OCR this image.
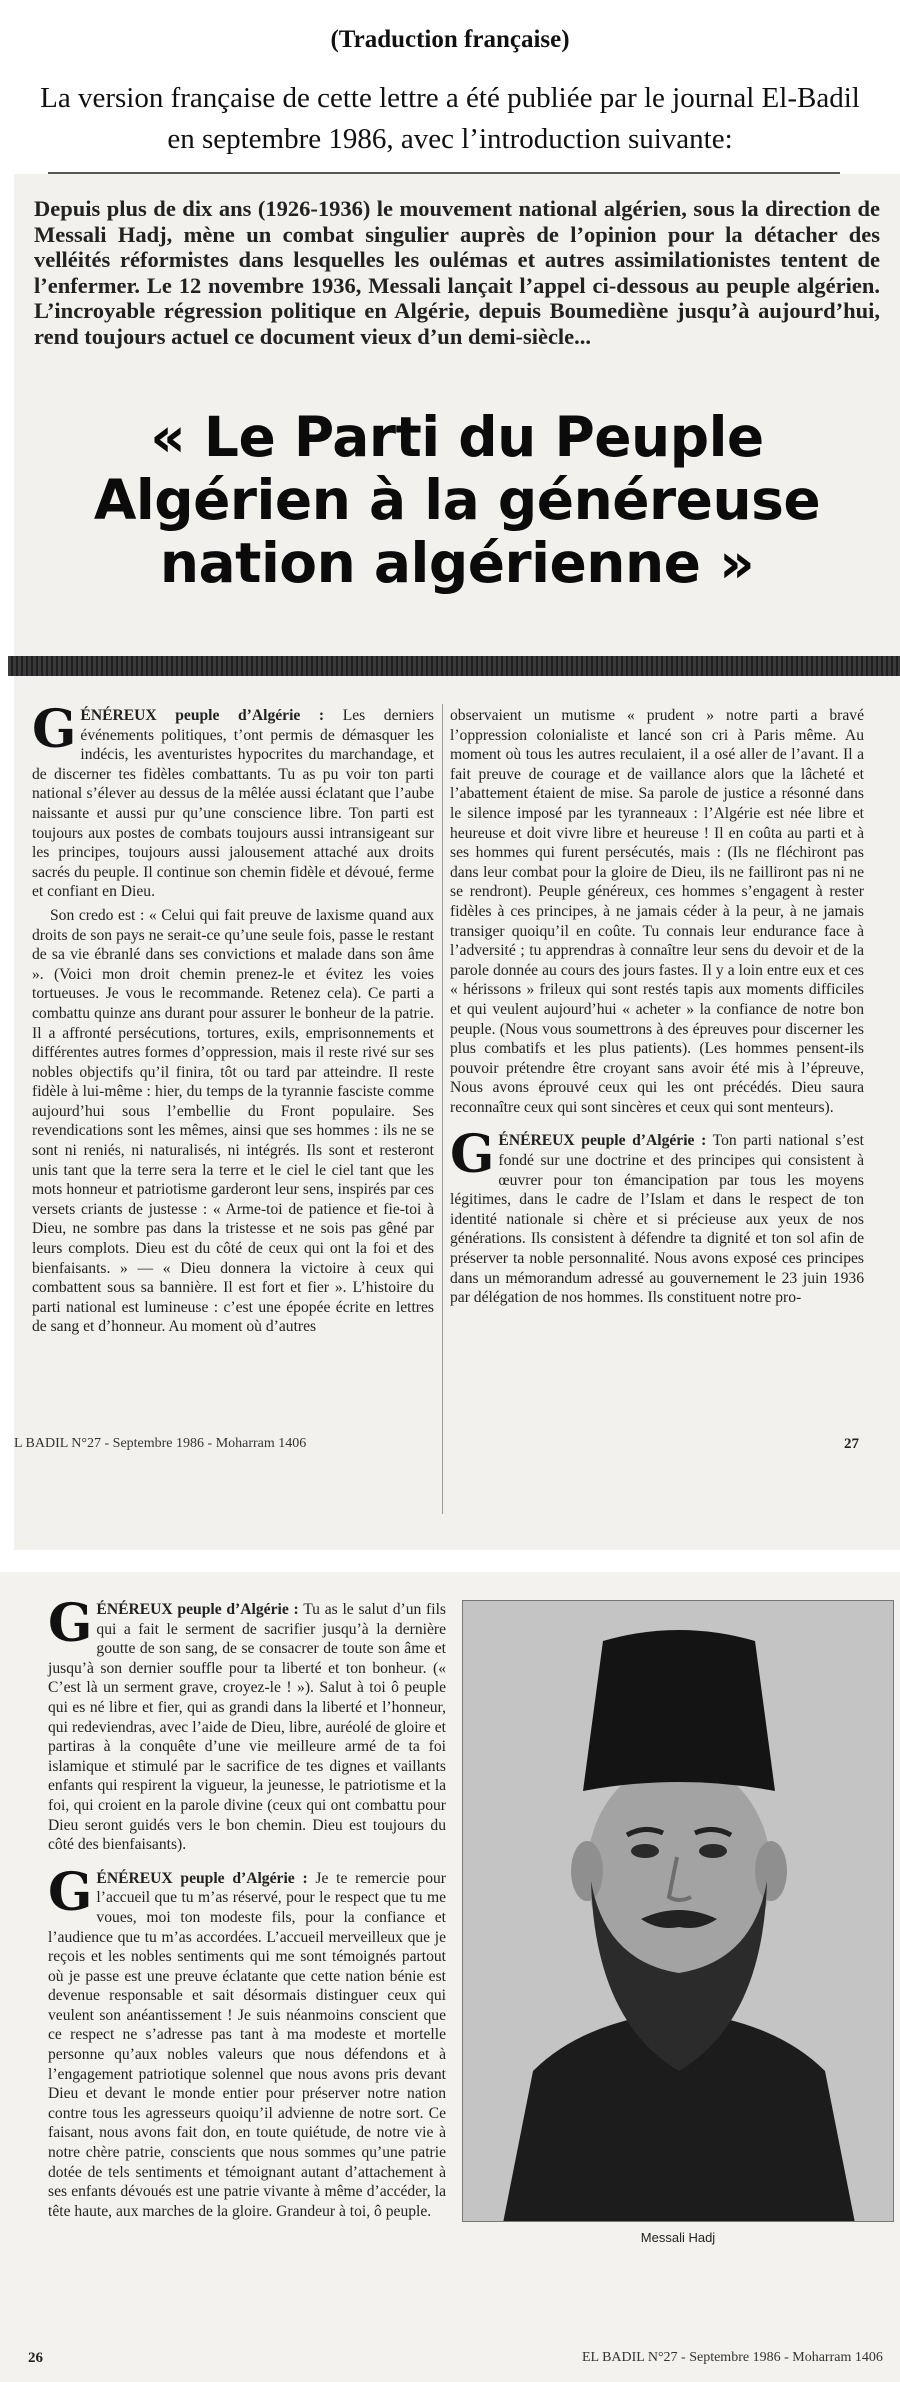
(Traduction française)
La version française de cette lettre a été publiée par le journal El-Badil
en septembre 1986, avec l’introduction suivante:
Depuis plus de dix ans (1926-1936) le mouvement national algérien, sous la direction de Messali Hadj, mène un combat singulier auprès de l’opinion pour la détacher des velléités réformistes dans lesquelles les oulémas et autres assimilationistes tentent de l’enfermer. Le 12 novembre 1936, Messali lançait l’appel ci-dessous au peuple algérien. L’incroyable régression politique en Algérie, depuis Boumediène jusqu’à aujourd’hui, rend toujours actuel ce document vieux d’un demi-siècle...
« Le Parti du Peuple
Algérien à la généreuse
nation algérienne »

G ÉNÉREUX peuple d’Algérie : Les derniers événements politiques, t’ont permis de démasquer les indécis, les aventuristes hypocrites du marchandage, et de discerner tes fidèles combattants. Tu as pu voir ton parti national s’élever au dessus de la mêlée aussi éclatant que l’aube naissante et aussi pur qu’une conscience libre. Ton parti est toujours aux postes de combats toujours aussi intransigeant sur les principes, toujours aussi jalousement attaché aux droits sacrés du peuple. Il continue son chemin fidèle et dévoué, ferme et confiant en Dieu.

Son credo est : « Celui qui fait preuve de laxisme quand aux droits de son pays ne serait-ce qu’une seule fois, passe le restant de sa vie ébranlé dans ses convictions et malade dans son âme ». (Voici mon droit chemin prenez-le et évitez les voies tortueuses. Je vous le recommande. Retenez cela). Ce parti a combattu quinze ans durant pour assurer le bonheur de la patrie. Il a affronté persécutions, tortures, exils, emprisonnements et différentes autres formes d’oppression, mais il reste rivé sur ses nobles objectifs qu’il finira, tôt ou tard par atteindre. Il reste fidèle à lui-même : hier, du temps de la tyrannie fasciste comme aujourd’hui sous l’embellie du Front populaire. Ses revendications sont les mêmes, ainsi que ses hommes : ils ne se sont ni reniés, ni naturalisés, ni intégrés. Ils sont et resteront unis tant que la terre sera la terre et le ciel le ciel tant que les mots honneur et patriotisme garderont leur sens, inspirés par ces versets criants de justesse : « Arme-toi de patience et fie-toi à Dieu, ne sombre pas dans la tristesse et ne sois pas gêné par leurs complots. Dieu est du côté de ceux qui ont la foi et des bienfaisants. » — « Dieu donnera la victoire à ceux qui combattent sous sa bannière. Il est fort et fier ». L’histoire du parti national est lumineuse : c’est une épopée écrite en lettres de sang et d’honneur. Au moment où d’autres

observaient un mutisme « prudent » notre parti a bravé l’oppression colonialiste et lancé son cri à Paris même. Au moment où tous les autres reculaient, il a osé aller de l’avant. Il a fait preuve de courage et de vaillance alors que la lâcheté et l’abattement étaient de mise. Sa parole de justice a résonné dans le silence imposé par les tyranneaux : l’Algérie est née libre et heureuse et doit vivre libre et heureuse ! Il en coûta au parti et à ses hommes qui furent persécutés, mais : (Ils ne fléchiront pas dans leur combat pour la gloire de Dieu, ils ne failliront pas ni ne se rendront). Peuple généreux, ces hommes s’engagent à rester fidèles à ces principes, à ne jamais céder à la peur, à ne jamais transiger quoiqu’il en coûte. Tu connais leur endurance face à l’adversité ; tu apprendras à connaître leur sens du devoir et de la parole donnée au cours des jours fastes. Il y a loin entre eux et ces « hérissons » frileux qui sont restés tapis aux moments difficiles et qui veulent aujourd’hui « acheter » la confiance de notre bon peuple. (Nous vous soumettrons à des épreuves pour discerner les plus combatifs et les plus patients). (Les hommes pensent-ils pouvoir prétendre être croyant sans avoir été mis à l’épreuve, Nous avons éprouvé ceux qui les ont précédés. Dieu saura reconnaître ceux qui sont sincères et ceux qui sont menteurs).

G ÉNÉREUX peuple d’Algérie : Ton parti national s’est fondé sur une doctrine et des principes qui consistent à œuvrer pour ton émancipation par tous les moyens légitimes, dans le cadre de l’Islam et dans le respect de ton identité nationale si chère et si précieuse aux yeux de nos générations. Ils consistent à défendre ta dignité et ton sol afin de préserver ta noble personnalité. Nous avons exposé ces principes dans un mémorandum adressé au gouvernement le 23 juin 1936 par délégation de nos hommes. Ils constituent notre pro-

L BADIL N°27 - Septembre 1986 - Moharram 1406	27

G ÉNÉREUX peuple d’Algérie : Tu as le salut d’un fils qui a fait le serment de sacrifier jusqu’à la dernière goutte de son sang, de se consacrer de toute son âme et jusqu’à son dernier souffle pour ta liberté et ton bonheur. (« C’est là un serment grave, croyez-le ! »). Salut à toi ô peuple qui es né libre et fier, qui as grandi dans la liberté et l’honneur, qui redeviendras, avec l’aide de Dieu, libre, auréolé de gloire et partiras à la conquête d’une vie meilleure armé de ta foi islamique et stimulé par le sacrifice de tes dignes et vaillants enfants qui respirent la vigueur, la jeunesse, le patriotisme et la foi, qui croient en la parole divine (ceux qui ont combattu pour Dieu seront guidés vers le bon chemin. Dieu est toujours du côté des bienfaisants).

G ÉNÉREUX peuple d’Algérie : Je te remercie pour l’accueil que tu m’as réservé, pour le respect que tu me voues, moi ton modeste fils, pour la confiance et l’audience que tu m’as accordées. L’accueil merveilleux que je reçois et les nobles sentiments qui me sont témoignés partout où je passe est une preuve éclatante que cette nation bénie est devenue responsable et sait désormais distinguer ceux qui veulent son anéantissement ! Je suis néanmoins conscient que ce respect ne s’adresse pas tant à ma modeste et mortelle personne qu’aux nobles valeurs que nous défendons et à l’engagement patriotique solennel que nous avons pris devant Dieu et devant le monde entier pour préserver notre nation contre tous les agresseurs quoiqu’il advienne de notre sort. Ce faisant, nous avons fait don, en toute quiétude, de notre vie à notre chère patrie, conscients que nous sommes qu’une patrie dotée de tels sentiments et témoignant autant d’attachement à ses enfants dévoués est une patrie vivante à même d’accéder, la tête haute, aux marches de la gloire. Grandeur à toi, ô peuple.

Messali Hadj
26	EL BADIL N°27 - Septembre 1986 - Moharram 1406
